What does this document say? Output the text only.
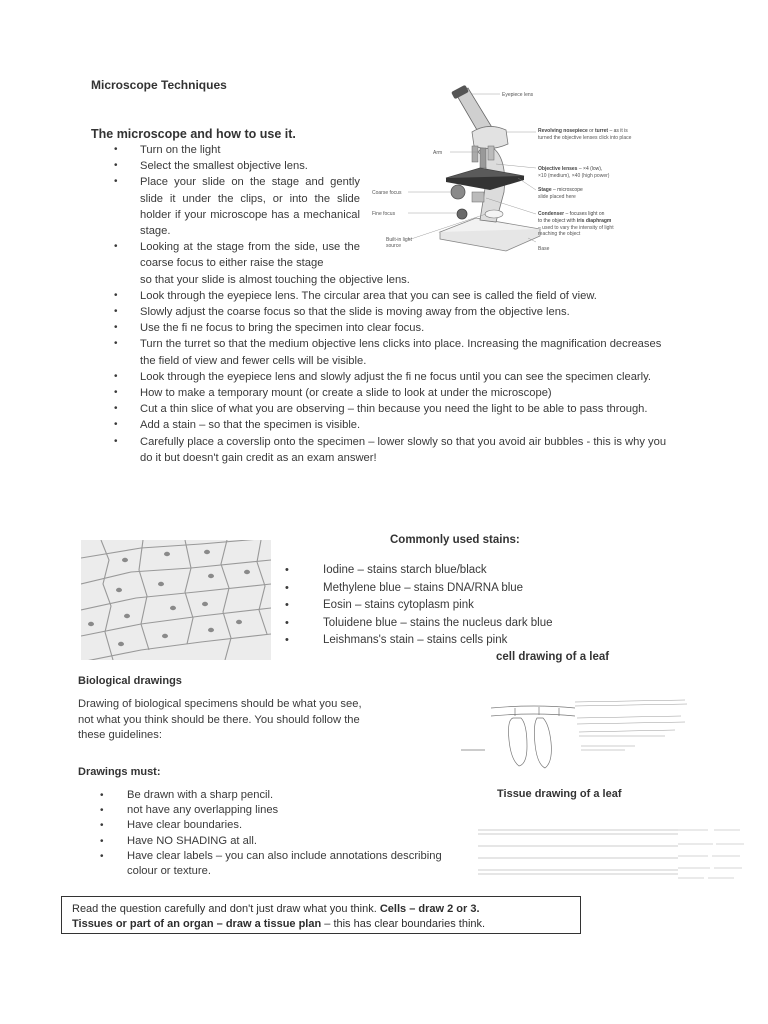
Microscope Techniques
Eyepiece lens
Revolving nosepiece or turret – as it is
turned the objective lenses click into place
Arm
Objective lenses – ×4 (low),
×10 (medium), ×40 (high power)
Coarse focus	Stage – microscope
slide placed here
Fine focus	Condenser – focuses light on
to the object with iris diaphragm
– used to vary the intensity of light
reaching the object
Built-in light
source	Base
The microscope and how to use it.
• Turn on the light
• Select the smallest objective lens.
• Place your slide on the stage and gently slide it under the clips, or into the slide holder if your microscope has a mechanical stage.
• Looking at the stage from the side, use the coarse focus to either raise the stage
so that your slide is almost touching the objective lens.
• Look through the eyepiece lens. The circular area that you can see is called the field of view.
• Slowly adjust the coarse focus so that the slide is moving away from the objective lens.
• Use the fi ne focus to bring the specimen into clear focus.
• Turn the turret so that the medium objective lens clicks into place. Increasing the magnification decreases the field of view and fewer cells will be visible.
• Look through the eyepiece lens and slowly adjust the fi ne focus until you can see the specimen clearly.
• How to make a temporary mount (or create a slide to look at under the microscope)
• Cut a thin slice of what you are observing – thin because you need the light to be able to pass through.
• Add a stain – so that the specimen is visible.
• Carefully place a coverslip onto the specimen – lower slowly so that you avoid air bubbles - this is why you do it but doesn't gain credit as an exam answer!
Commonly used stains:
• Iodine – stains starch blue/black
• Methylene blue – stains DNA/RNA blue
• Eosin – stains cytoplasm pink
• Toluidene blue – stains the nucleus dark blue
• Leishmans's stain – stains cells pink
cell drawing of a leaf
Biological drawings
Drawing of biological specimens should be what you see, not what you think should be there. You should follow the these guidelines:
Drawings must:
• Be drawn with a sharp pencil.
• not have any overlapping lines
• Have clear boundaries.
• Have NO SHADING at all.
• Have clear labels – you can also include annotations describing colour or texture.
Tissue drawing of a leaf
Read the question carefully and don't just draw what you think. Cells – draw 2 or 3.
Tissues or part of an organ – draw a tissue plan – this has clear boundaries think.
